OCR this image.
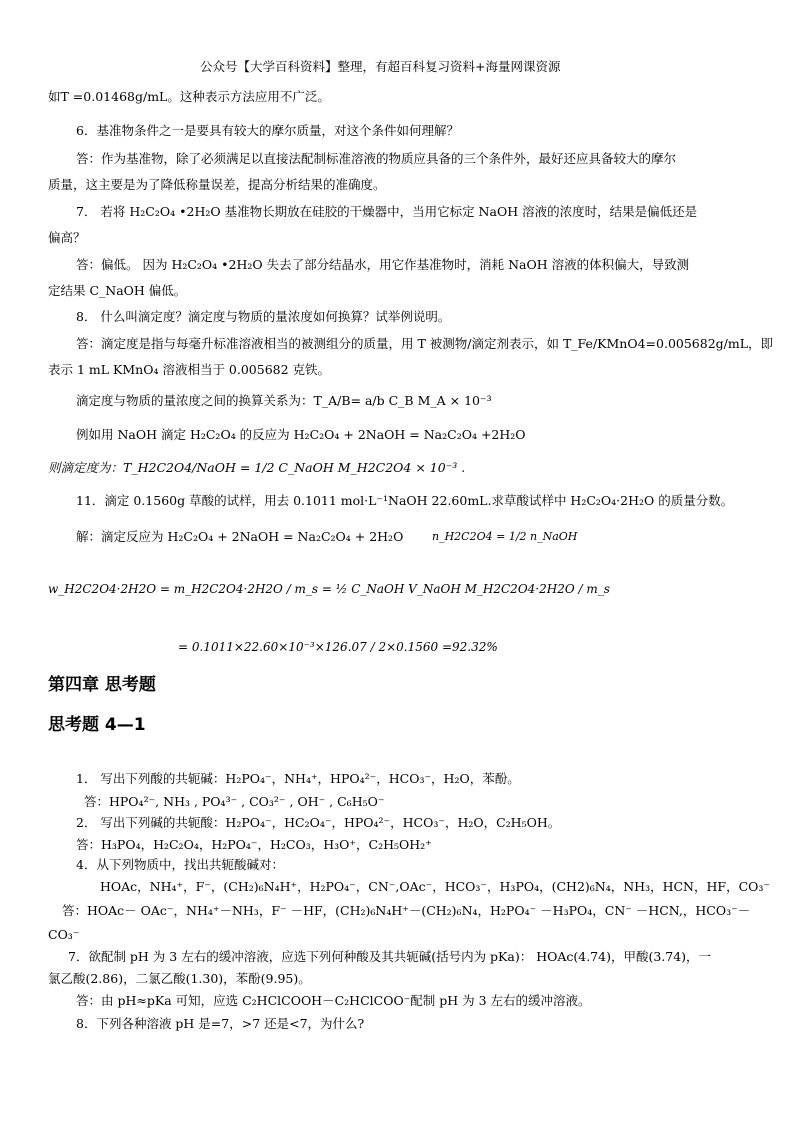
公众号【大学百科资料】整理，有超百科复习资料+海量网课资源
如T =0.01468g/mL。这种表示方法应用不广泛。
6．基准物条件之一是要具有较大的摩尔质量，对这个条件如何理解？
答：作为基准物，除了必须满足以直接法配制标准溶液的物质应具备的三个条件外，最好还应具备较大的摩尔
质量，这主要是为了降低称量误差，提高分析结果的准确度。
7． 若将 H₂C₂O₄ •2H₂O 基准物长期放在硅胶的干燥器中，当用它标定 NaOH 溶液的浓度时，结果是偏低还是
偏高？
答：偏低。 因为 H₂C₂O₄ •2H₂O 失去了部分结晶水，用它作基准物时，消耗 NaOH 溶液的体积偏大，导致测
定结果 C_NaOH 偏低。
8． 什么叫滴定度？滴定度与物质的量浓度如何换算？试举例说明。
答：滴定度是指与每毫升标准溶液相当的被测组分的质量，用 T 被测物/滴定剂表示，如 T_Fe/KMnO4=0.005682g/mL，即
表示 1 mL KMnO₄ 溶液相当于 0.005682 克铁。
滴定度与物质的量浓度之间的换算关系为：T_A/B= a/b C_B M_A × 10⁻³
例如用 NaOH 滴定 H₂C₂O₄ 的反应为 H₂C₂O₄ + 2NaOH = Na₂C₂O₄ +2H₂O
则滴定度为：T_H2C2O4/NaOH = 1/2 C_NaOH M_H2C2O4 × 10⁻³ .
11．滴定 0.1560g 草酸的试样，用去 0.1011 mol·L⁻¹NaOH 22.60mL.求草酸试样中 H₂C₂O₄·2H₂O 的质量分数。
解：滴定反应为 H₂C₂O₄ + 2NaOH = Na₂C₂O₄ + 2H₂O	n_H2C2O4 = 1/2 n_NaOH
w_H2C2O4·2H2O = m_H2C2O4·2H2O / m_s = ½ C_NaOH V_NaOH M_H2C2O4·2H2O / m_s
= 0.1011×22.60×10⁻³×126.07 / 2×0.1560 =92.32%
第四章 思考题
思考题 4—1
1． 写出下列酸的共轭碱：H₂PO₄⁻，NH₄⁺，HPO₄²⁻，HCO₃⁻，H₂O，苯酚。
答：HPO₄²⁻, NH₃ , PO₄³⁻ , CO₃²⁻ , OH⁻ , C₆H₅O⁻
2． 写出下列碱的共轭酸：H₂PO₄⁻，HC₂O₄⁻，HPO₄²⁻，HCO₃⁻，H₂O，C₂H₅OH。
答：H₃PO₄，H₂C₂O₄，H₂PO₄⁻，H₂CO₃，H₃O⁺，C₂H₅OH₂⁺
4．从下列物质中，找出共轭酸碱对：
HOAc，NH₄⁺，F⁻，(CH₂)₆N₄H⁺，H₂PO₄⁻，CN⁻,OAc⁻，HCO₃⁻，H₃PO₄，(CH2)₆N₄，NH₃，HCN，HF，CO₃⁻
答：HOAc－ OAc⁻，NH₄⁺－NH₃，F⁻ －HF，(CH₂)₆N₄H⁺－(CH₂)₆N₄，H₂PO₄⁻ －H₃PO₄，CN⁻ －HCN,，HCO₃⁻－
CO₃⁻
7．欲配制 pH 为 3 左右的缓冲溶液，应选下列何种酸及其共轭碱(括号内为 pKa)： HOAc(4.74)，甲酸(3.74)，一
氯乙酸(2.86)，二氯乙酸(1.30)，苯酚(9.95)。
答：由 pH≈pKa 可知，应选 C₂HClCOOH－C₂HClCOO⁻配制 pH 为 3 左右的缓冲溶液。
8．下列各种溶液 pH 是=7，>7 还是<7，为什么?
